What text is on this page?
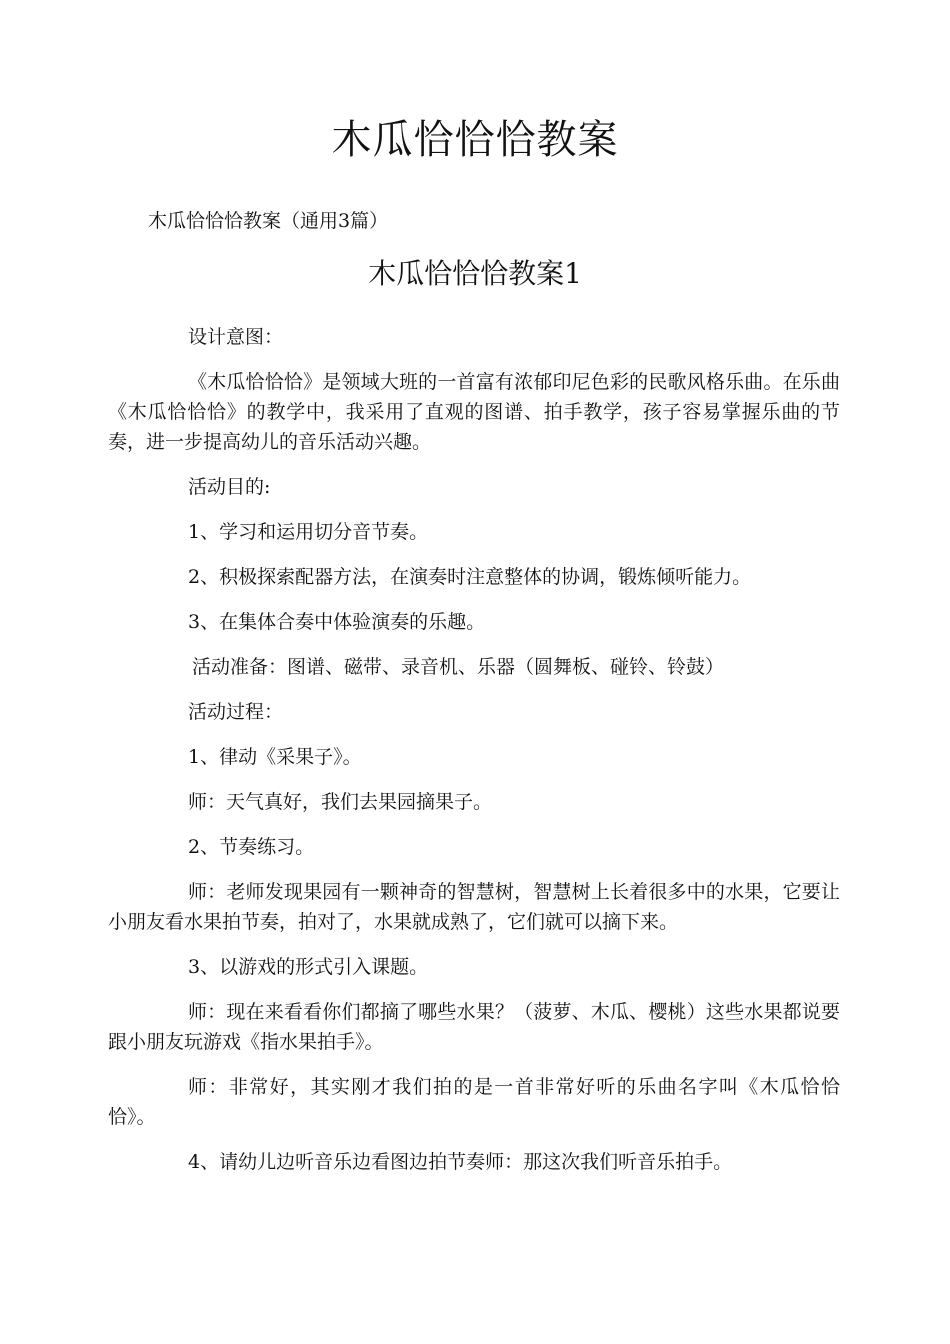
木瓜恰恰恰教案
木瓜恰恰恰教案（通用3篇）
木瓜恰恰恰教案1

设计意图：

《木瓜恰恰恰》是领域大班的一首富有浓郁印尼色彩的民歌风格乐曲。在乐曲《木瓜恰恰恰》的教学中，我采用了直观的图谱、拍手教学，孩子容易掌握乐曲的节奏，进一步提高幼儿的音乐活动兴趣。

活动目的:

1、学习和运用切分音节奏。

2、积极探索配器方法，在演奏时注意整体的协调，锻炼倾听能力。

3、在集体合奏中体验演奏的乐趣。

活动准备：图谱、磁带、录音机、乐器（圆舞板、碰铃、铃鼓）

活动过程：

1、律动《采果子》。

师：天气真好，我们去果园摘果子。

2、节奏练习。

师：老师发现果园有一颗神奇的智慧树，智慧树上长着很多中的水果，它要让小朋友看水果拍节奏，拍对了，水果就成熟了，它们就可以摘下来。

3、以游戏的形式引入课题。

师：现在来看看你们都摘了哪些水果？（菠萝、木瓜、樱桃）这些水果都说要跟小朋友玩游戏《指水果拍手》。

师：非常好，其实刚才我们拍的是一首非常好听的乐曲名字叫《木瓜恰恰恰》。

4、请幼儿边听音乐边看图边拍节奏师：那这次我们听音乐拍手。
